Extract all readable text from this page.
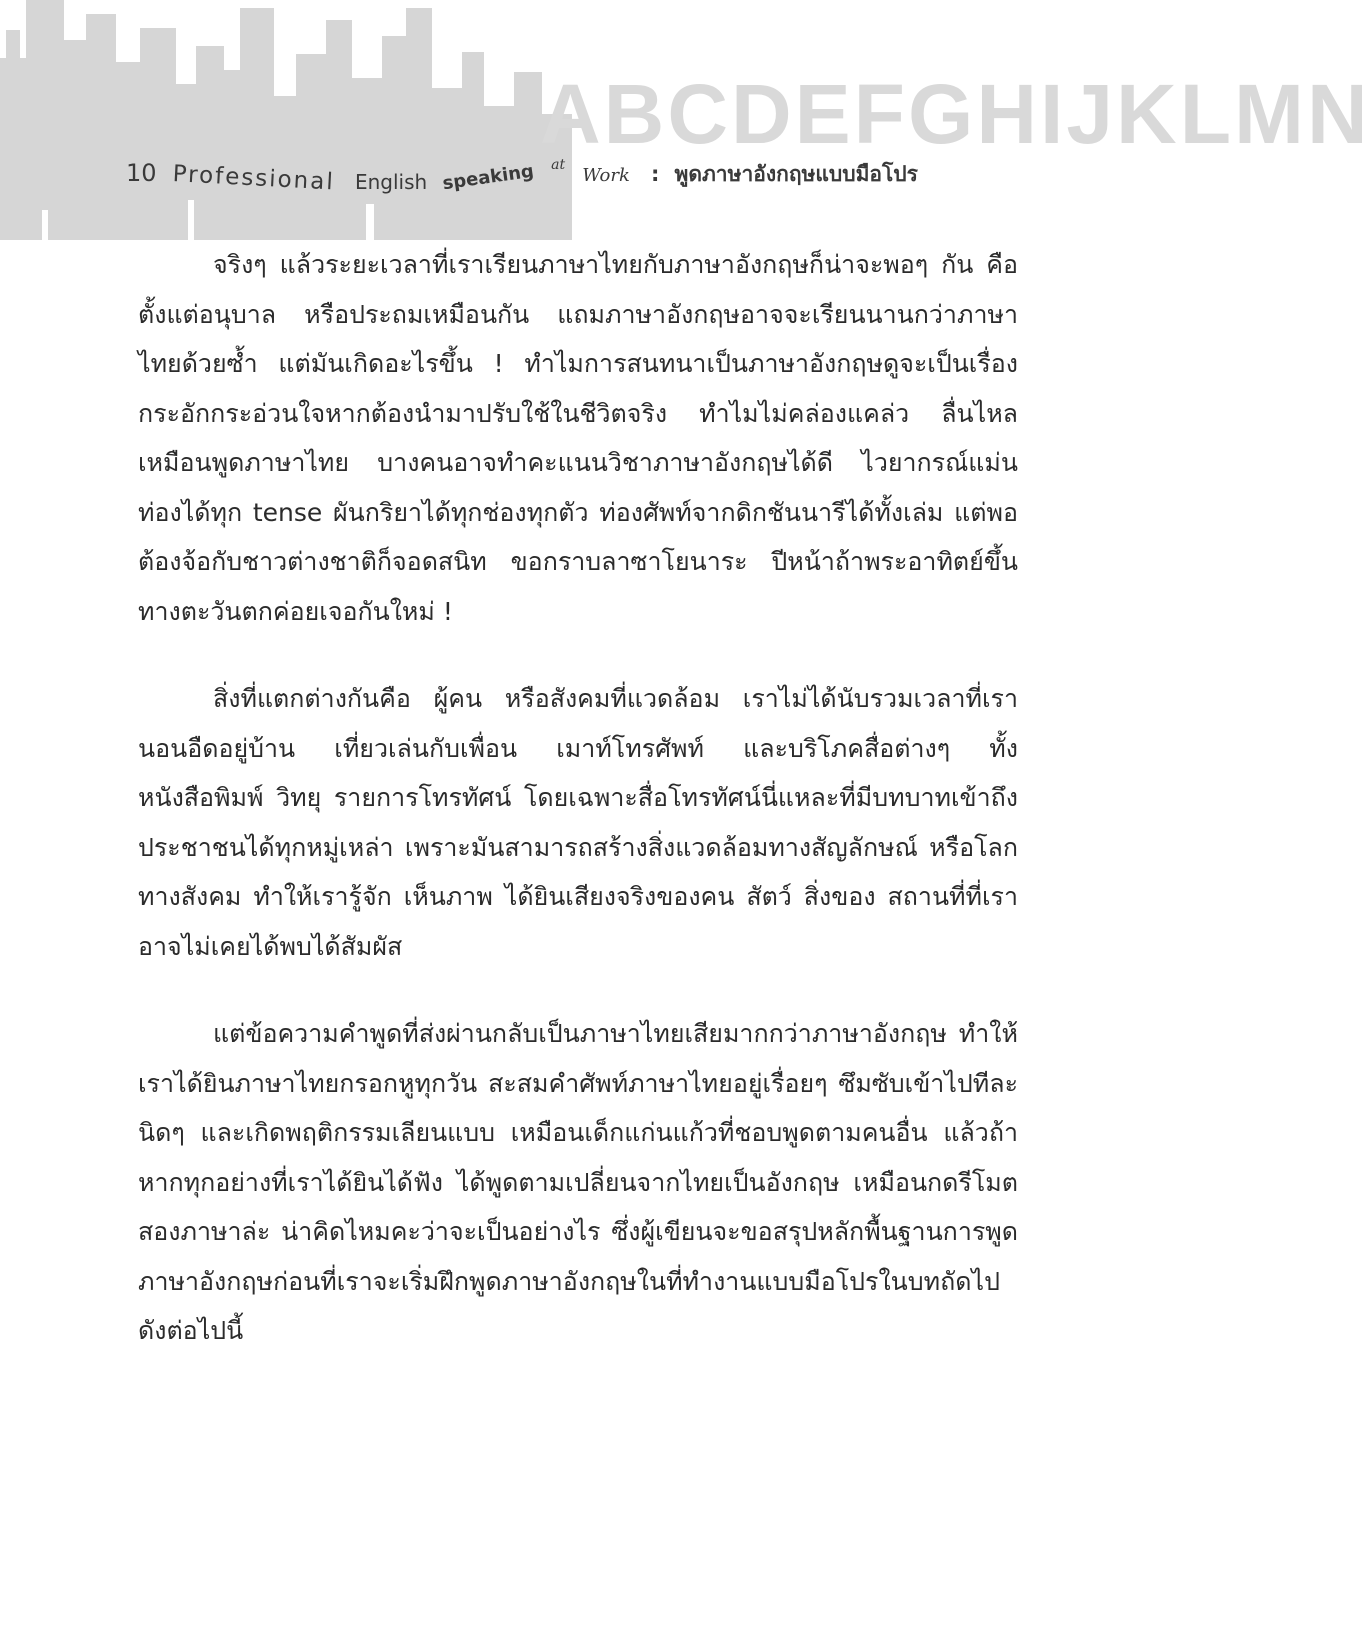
ABCDEFGHIJKLMN
10 Professional English speaking at Work : พูดภาษาอังกฤษแบบมือโปร

จริงๆ แล้วระยะเวลาที่เราเรียนภาษาไทยกับภาษาอังกฤษก็น่าจะพอๆ กัน คือ ตั้งแต่อนุบาล หรือประถมเหมือนกัน แถมภาษาอังกฤษอาจจะเรียนนานกว่าภาษาไทยด้วยซ้ำ แต่มันเกิดอะไรขึ้น ! ทำไมการสนทนาเป็นภาษาอังกฤษดูจะเป็นเรื่องกระอักกระอ่วนใจหากต้องนำมาปรับใช้ในชีวิตจริง ทำไมไม่คล่องแคล่ว ลื่นไหลเหมือนพูดภาษาไทย บางคนอาจทำคะแนนวิชาภาษาอังกฤษได้ดี ไวยากรณ์แม่น ท่องได้ทุก tense ผันกริยาได้ทุกช่องทุกตัว ท่องศัพท์จากดิกชันนารีได้ทั้งเล่ม แต่พอต้องจ้อกับชาวต่างชาติก็จอดสนิท ขอกราบลาซาโยนาระ ปีหน้าถ้าพระอาทิตย์ขึ้นทางตะวันตกค่อยเจอกันใหม่ !

สิ่งที่แตกต่างกันคือ ผู้คน หรือสังคมที่แวดล้อม เราไม่ได้นับรวมเวลาที่เรานอนอืดอยู่บ้าน เที่ยวเล่นกับเพื่อน เมาท์โทรศัพท์ และบริโภคสื่อต่างๆ ทั้งหนังสือพิมพ์ วิทยุ รายการโทรทัศน์ โดยเฉพาะสื่อโทรทัศน์นี่แหละที่มีบทบาทเข้าถึงประชาชนได้ทุกหมู่เหล่า เพราะมันสามารถสร้างสิ่งแวดล้อมทางสัญลักษณ์ หรือโลกทางสังคม ทำให้เรารู้จัก เห็นภาพ ได้ยินเสียงจริงของคน สัตว์ สิ่งของ สถานที่ที่เราอาจไม่เคยได้พบได้สัมผัส

แต่ข้อความคำพูดที่ส่งผ่านกลับเป็นภาษาไทยเสียมากกว่าภาษาอังกฤษ ทำให้เราได้ยินภาษาไทยกรอกหูทุกวัน สะสมคำศัพท์ภาษาไทยอยู่เรื่อยๆ ซึมซับเข้าไปทีละนิดๆ และเกิดพฤติกรรมเลียนแบบ เหมือนเด็กแก่นแก้วที่ชอบพูดตามคนอื่น แล้วถ้าหากทุกอย่างที่เราได้ยินได้ฟัง ได้พูดตามเปลี่ยนจากไทยเป็นอังกฤษ เหมือนกดรีโมตสองภาษาล่ะ น่าคิดไหมคะว่าจะเป็นอย่างไร ซึ่งผู้เขียนจะขอสรุปหลักพื้นฐานการพูดภาษาอังกฤษก่อนที่เราจะเริ่มฝึกพูดภาษาอังกฤษในที่ทำงานแบบมือโปรในบทถัดไป ดังต่อไปนี้
